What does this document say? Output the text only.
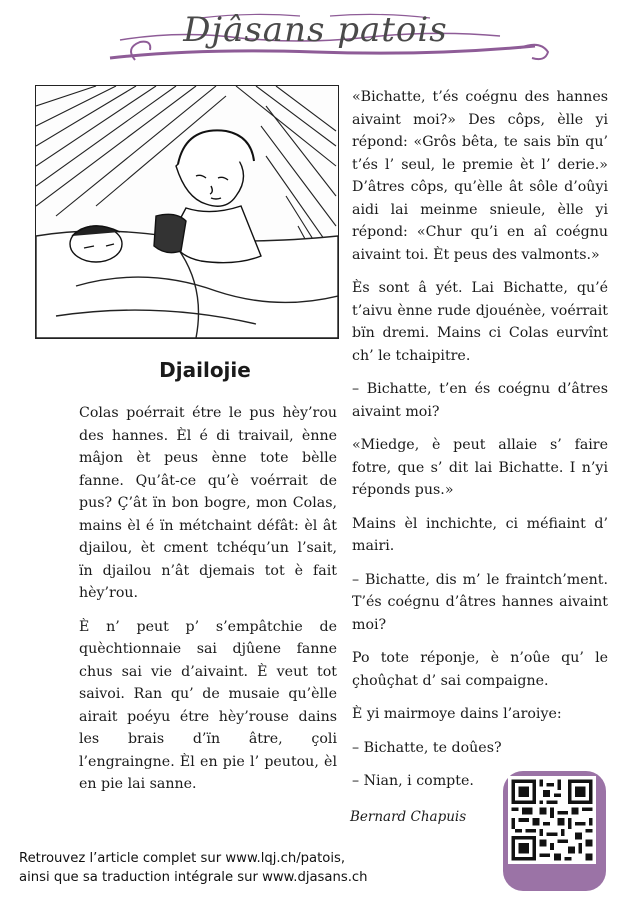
Djâsans patois
Djailojie

Colas poérrait étre le pus hèy’rou des hannes. Èl é di traivail, ènne mâjon èt peus ènne tote bèlle fanne. Qu’ât-ce qu’è voérrait de pus? Ç’ât ïn bon bogre, mon Colas, mains èl é ïn métchaint défât: èl ât djailou, èt cment tchéqu’un l’sait, ïn djailou n’ât djemais tot è fait hèy’rou.

È n’ peut p’ s’empâtchie de quèchtionnaie sai djûene fanne chus sai vie d’aivaint. È veut tot saivoi. Ran qu’ de musaie qu’èlle airait poéyu étre hèy’rouse dains les brais d’ïn âtre, çoli l’engraingne. Èl en pie l’ peutou, èl en pie lai sanne.

«Bichatte, t’és coégnu des hannes aivaint moi?» Des côps, èlle yi répond: «Grôs bêta, te sais bïn qu’ t’és l’ seul, le premie èt l’ derie.» D’âtres côps, qu’èlle ât sôle d’oûyi aidi lai meinme snieule, èlle yi répond: «Chur qu’i en aî coégnu aivaint toi. Èt peus des valmonts.»

Ès sont â yét. Lai Bichatte, qu’é t’aivu ènne rude djouénèe, voérrait bïn dremi. Mains ci Colas eurvînt ch’ le tchaipitre.

– Bichatte, t’en és coégnu d’âtres aivaint moi?

«Miedge, è peut allaie s’ faire fotre, que s’ dit lai Bichatte. I n’yi réponds pus.»

Mains èl inchichte, ci méfiaint d’ mairi.

– Bichatte, dis m’ le fraintch’ment. T’és coégnu d’âtres hannes aivaint moi?

Po tote réponje, è n’oûe qu’ le çhoûçhat d’ sai compaigne.

È yi mairmoye dains l’aroiye:

– Bichatte, te doûes?

– Nian, i compte.

Bernard Chapuis
Retrouvez l’article complet sur www.lqj.ch/patois,
ainsi que sa traduction intégrale sur www.djasans.ch
